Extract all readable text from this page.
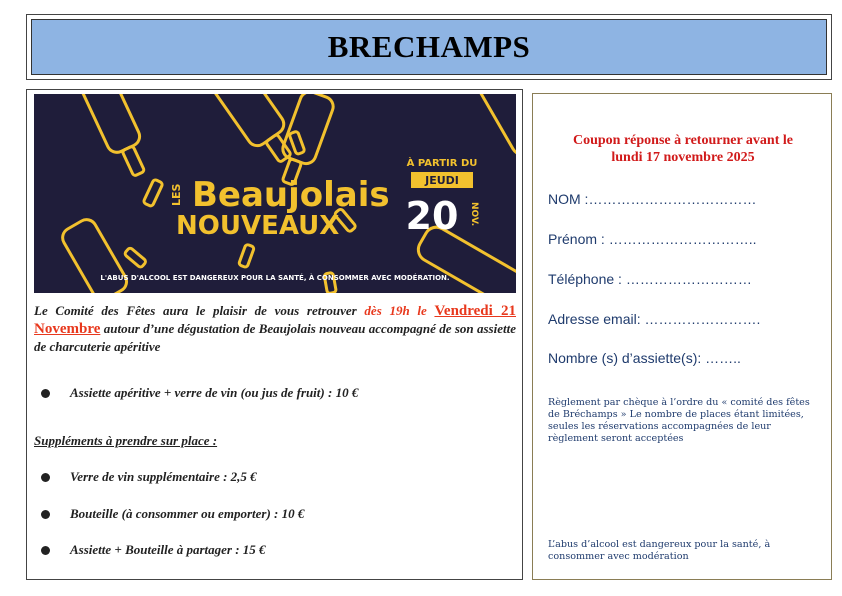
BRECHAMPS
LES Beaujolais
NOUVEAUX
À PARTIR DU
JEUDI
20 NOV.
L'ABUS D'ALCOOL EST DANGEREUX POUR LA SANTÉ, À CONSOMMER AVEC MODÉRATION.

Le Comité des Fêtes aura le plaisir de vous retrouver dès 19h le Vendredi 21 Novembre autour d’une dégustation de Beaujolais nouveau accompagné de son assiette de charcuterie apéritive

Assiette apéritive + verre de vin (ou jus de fruit) : 10 €
Suppléments à prendre sur place :
Verre de vin supplémentaire : 2,5 €
Bouteille (à consommer ou emporter) : 10 €
Assiette + Bouteille à partager : 15 €
Coupon réponse à retourner avant le
lundi 17 novembre 2025
NOM :………………………………
Prénom : …………………………..
Téléphone : ………………………
Adresse email: …………………….
Nombre (s) d’assiette(s): ……..
Règlement par chèque à l’ordre du « comité des fêtes de Bréchamps » Le nombre de places étant limitées, seules les réservations accompagnées de leur règlement seront acceptées
L’abus d’alcool est dangereux pour la santé, à consommer avec modération
